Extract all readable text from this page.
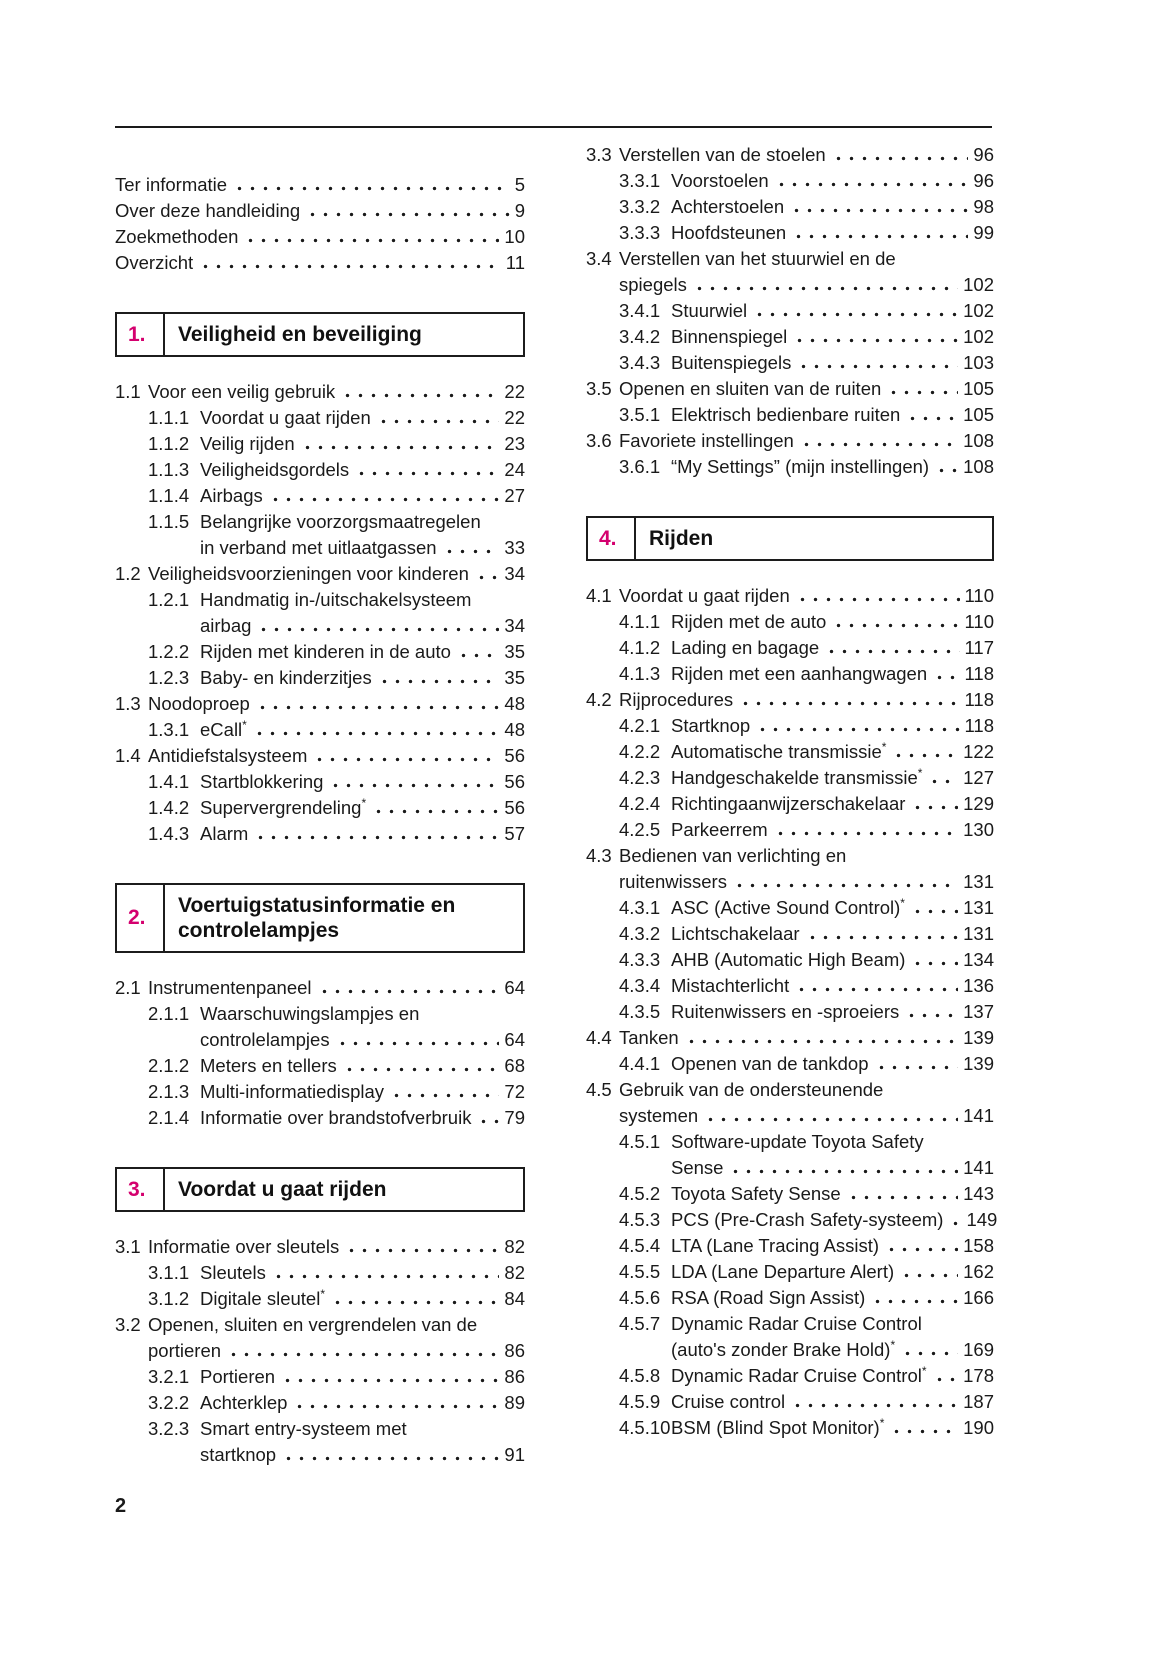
Ter informatie	5
Over deze handleiding	9
Zoekmethoden	10
Overzicht	11
1.	Veiligheid en beveiliging
1.1 Voor een veilig gebruik	22
1.1.1 Voordat u gaat rijden	22
1.1.2 Veilig rijden	23
1.1.3 Veiligheidsgordels	24
1.1.4 Airbags	27
1.1.5 Belangrijke voorzorgsmaatregelen
in verband met uitlaatgassen	33
1.2 Veiligheidsvoorzieningen voor kinderen 34
1.2.1 Handmatig in-/uitschakelsysteem
airbag	34
1.2.2 Rijden met kinderen in de auto	35
1.2.3 Baby- en kinderzitjes	35
1.3 Noodoproep	48
1.3.1 eCall*	48
1.4 Antidiefstalsysteem	56
1.4.1 Startblokkering	56
1.4.2 Supervergrendeling*	56
1.4.3 Alarm	57
2.
Voertuigstatusinformatie en
controlelampjes
2.1 Instrumentenpaneel	64
2.1.1 Waarschuwingslampjes en
controlelampjes	64
2.1.2 Meters en tellers	68
2.1.3 Multi-informatiedisplay	72
2.1.4 Informatie over brandstofverbruik 79
3.	Voordat u gaat rijden
3.1 Informatie over sleutels	82
3.1.1 Sleutels	82
3.1.2 Digitale sleutel*	84
3.2 Openen, sluiten en vergrendelen van de
portieren	86
3.2.1 Portieren	86
3.2.2 Achterklep	89
3.2.3 Smart entry-systeem met
startknop	91
3.3 Verstellen van de stoelen	96
3.3.1 Voorstoelen	96
3.3.2 Achterstoelen	98
3.3.3 Hoofdsteunen	99
3.4 Verstellen van het stuurwiel en de
spiegels	102
3.4.1 Stuurwiel	102
3.4.2 Binnenspiegel	102
3.4.3 Buitenspiegels	103
3.5 Openen en sluiten van de ruiten	105
3.5.1 Elektrisch bedienbare ruiten	105
3.6 Favoriete instellingen	108
3.6.1 “My Settings” (mijn instellingen) 108
4.	Rijden
4.1 Voordat u gaat rijden	110
4.1.1 Rijden met de auto	110
4.1.2 Lading en bagage	117
4.1.3 Rijden met een aanhangwagen 118
4.2 Rijprocedures	118
4.2.1 Startknop	118
4.2.2 Automatische transmissie*	122
4.2.3 Handgeschakelde transmissie* 127
4.2.4 Richtingaanwijzerschakelaar	129
4.2.5 Parkeerrem	130
4.3 Bedienen van verlichting en
ruitenwissers	131
4.3.1 ASC (Active Sound Control)*	131
4.3.2 Lichtschakelaar	131
4.3.3 AHB (Automatic High Beam)	134
4.3.4 Mistachterlicht	136
4.3.5 Ruitenwissers en -sproeiers	137
4.4 Tanken	139
4.4.1 Openen van de tankdop	139
4.5 Gebruik van de ondersteunende
systemen	141
4.5.1 Software-update Toyota Safety
Sense	141
4.5.2 Toyota Safety Sense	143
4.5.3 PCS (Pre-Crash Safety-systeem) 149
4.5.4 LTA (Lane Tracing Assist)	158
4.5.5 LDA (Lane Departure Alert)	162
4.5.6 RSA (Road Sign Assist)	166
4.5.7 Dynamic Radar Cruise Control
(auto's zonder Brake Hold)*	169
4.5.8 Dynamic Radar Cruise Control* 178
4.5.9 Cruise control	187
4.5.10 BSM (Blind Spot Monitor)*	190
2
